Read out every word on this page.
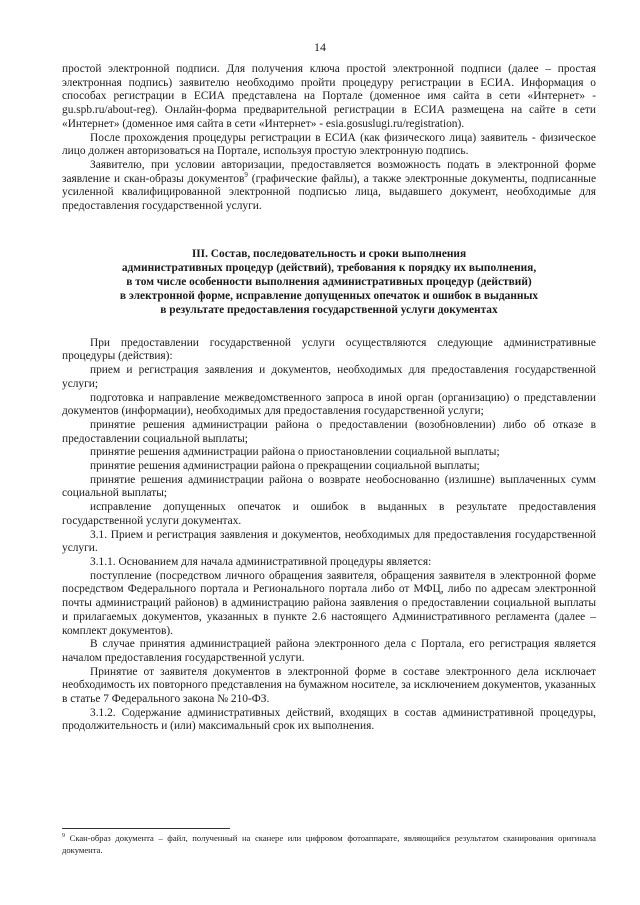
14

простой электронной подписи. Для получения ключа простой электронной подписи (далее – простая электронная подпись) заявителю необходимо пройти процедуру регистрации в ЕСИА. Информация о способах регистрации в ЕСИА представлена на Портале (доменное имя сайта в сети «Интернет» - gu.spb.ru/about-reg). Онлайн-форма предварительной регистрации в ЕСИА размещена на сайте в сети «Интернет» (доменное имя сайта в сети «Интернет» - esia.gosuslugi.ru/registration).

После прохождения процедуры регистрации в ЕСИА (как физического лица) заявитель - физическое лицо должен авторизоваться на Портале, используя простую электронную подпись.

Заявителю, при условии авторизации, предоставляется возможность подать в электронной форме заявление и скан-образы документов$^9$ (графические файлы), а также электронные документы, подписанные усиленной квалифицированной электронной подписью лица, выдавшего документ, необходимые для предоставления государственной услуги.

III. Состав, последовательность и сроки выполнения

административных процедур (действий), требования к порядку их выполнения,

в том числе особенности выполнения административных процедур (действий)

в электронной форме, исправление допущенных опечаток и ошибок в выданных

в результате предоставления государственной услуги документах

При предоставлении государственной услуги осуществляются следующие административные процедуры (действия):

прием и регистрация заявления и документов, необходимых для предоставления государственной услуги;

подготовка и направление межведомственного запроса в иной орган (организацию) о представлении документов (информации), необходимых для предоставления государственной услуги;

принятие решения администрации района о предоставлении (возобновлении) либо об отказе в предоставлении социальной выплаты;

принятие решения администрации района о приостановлении социальной выплаты;

принятие решения администрации района о прекращении социальной выплаты;

принятие решения администрации района о возврате необоснованно (излишне) выплаченных сумм социальной выплаты;

исправление допущенных опечаток и ошибок в выданных в результате предоставления государственной услуги документах.

3.1. Прием и регистрация заявления и документов, необходимых для предоставления государственной услуги.

3.1.1. Основанием для начала административной процедуры является:

поступление (посредством личного обращения заявителя, обращения заявителя в электронной форме посредством Федерального портала и Регионального портала либо от МФЦ, либо по адресам электронной почты администраций районов) в администрацию района заявления о предоставлении социальной выплаты и прилагаемых документов, указанных в пункте 2.6 настоящего Административного регламента (далее – комплект документов).

В случае принятия администрацией района электронного дела с Портала, его регистрация является началом предоставления государственной услуги.

Принятие от заявителя документов в электронной форме в составе электронного дела исключает необходимость их повторного представления на бумажном носителе, за исключением документов, указанных в статье 7 Федерального закона № 210-ФЗ.

3.1.2. Содержание административных действий, входящих в состав административной процедуры, продолжительность и (или) максимальный срок их выполнения.

$^9$ Скан-образ документа – файл, полученный на сканере или цифровом фотоаппарате, являющийся результатом сканирования оригинала документа.
